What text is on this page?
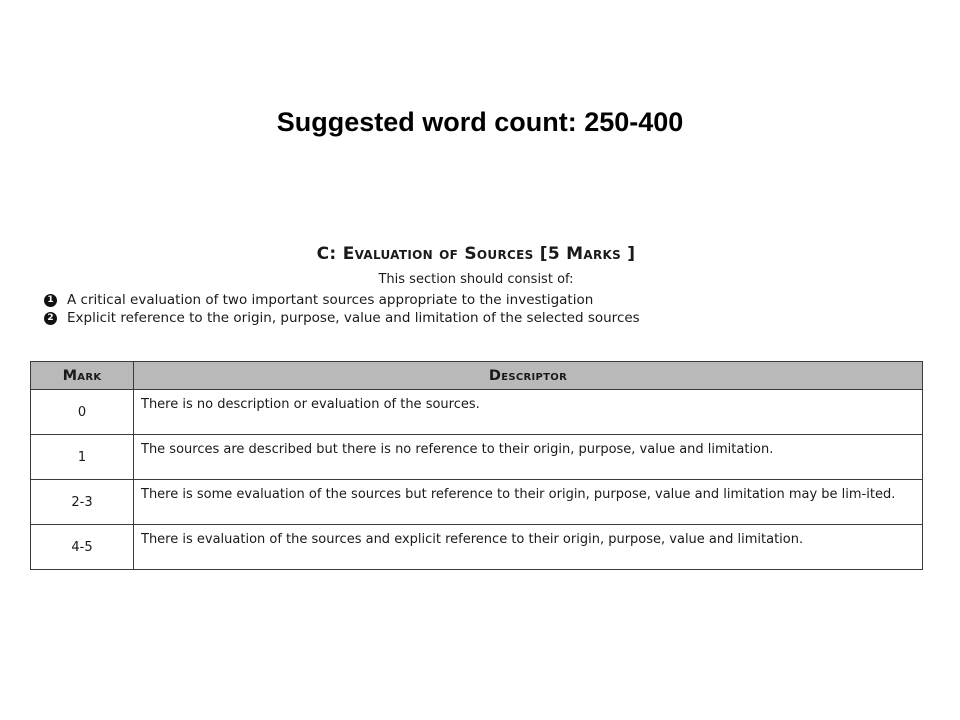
Suggested word count: 250-400
C: Evaluation of Sources [5 Marks ]
This section should consist of:
1 A critical evaluation of two important sources appropriate to the investigation
2 Explicit reference to the origin, purpose, value and limitation of the selected sources
Mark	Descriptor
0	There is no description or evaluation of the sources.
1	The sources are described but there is no reference to their origin, purpose, value and limitation.
2-3	There is some evaluation of the sources but reference to their origin, purpose, value and limitation may be lim-ited.
4-5	There is evaluation of the sources and explicit reference to their origin, purpose, value and limitation.
